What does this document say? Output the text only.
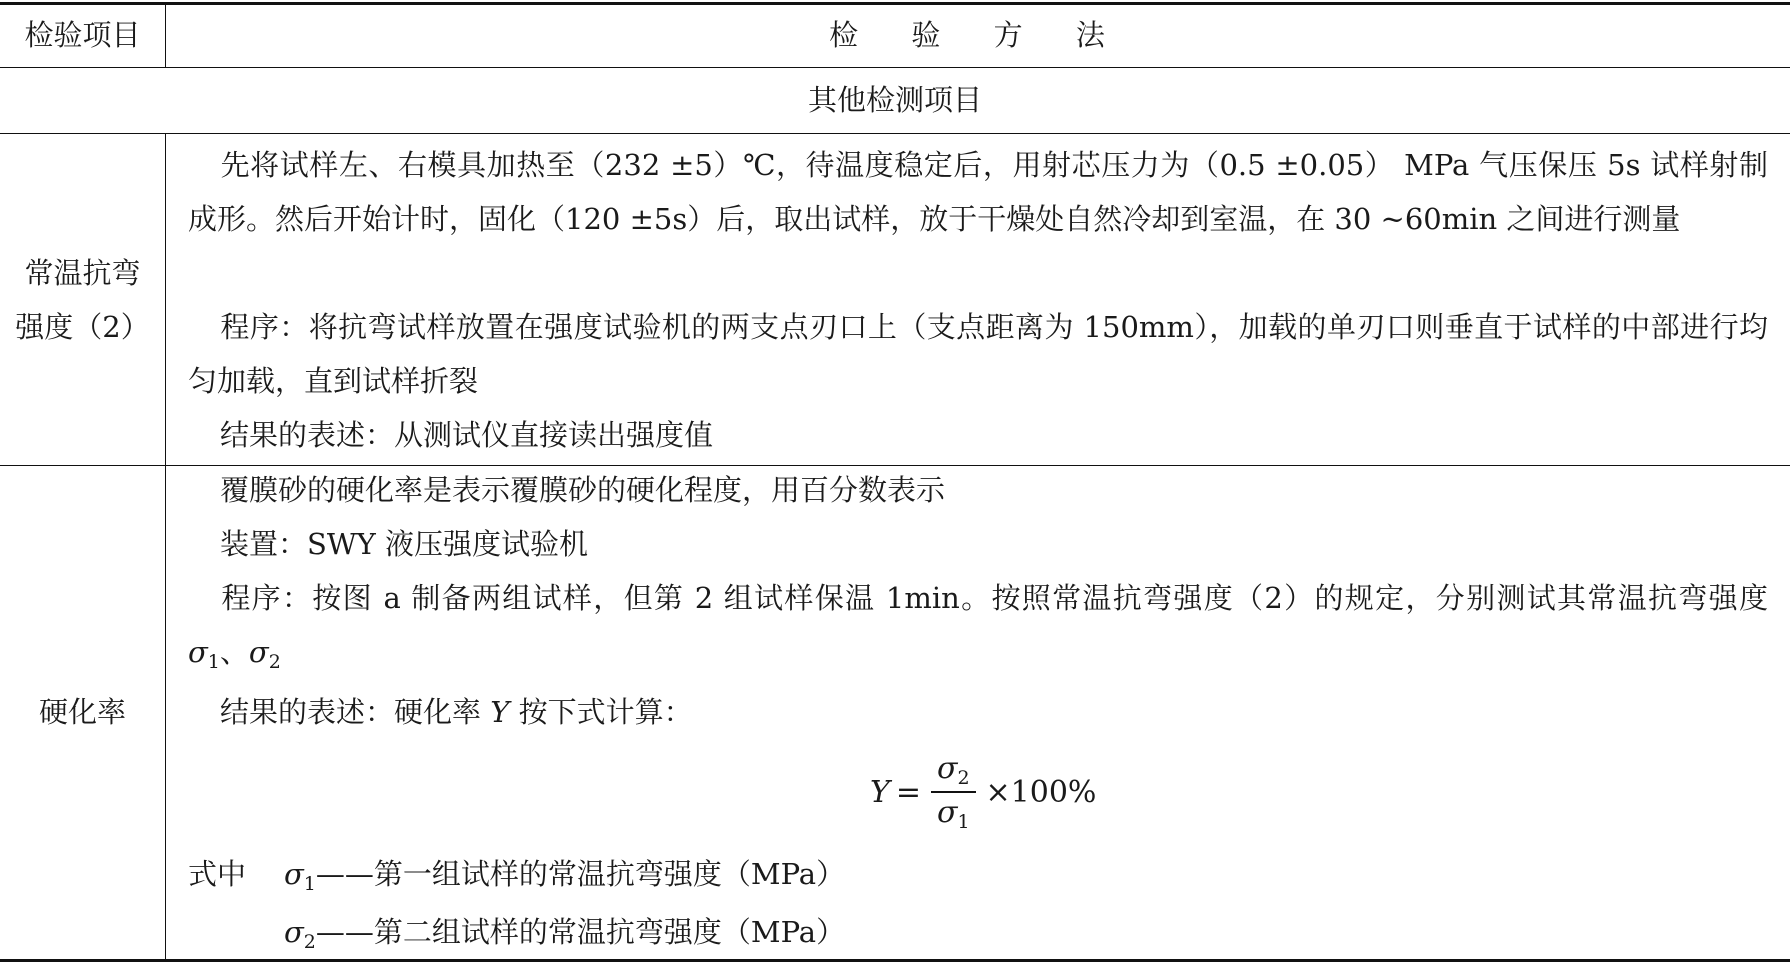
检验项目	检 验 方 法
其他检测项目
常温抗弯
强度（2）
先将试样左、右模具加热至（232 ±5）℃，待温度稳定后，用射芯压力为（0.5 ±0.05） MPa 气压保压 5s 试样射制成形。然后开始计时，固化（120 ±5s）后，取出试样，放于干燥处自然冷却到室温，在 30 ~60min 之间进行测量
程序：将抗弯试样放置在强度试验机的两支点刃口上（支点距离为 150mm），加载的单刃口则垂直于试样的中部进行均匀加载，直到试样折裂
结果的表述：从测试仪直接读出强度值
硬化率
覆膜砂的硬化率是表示覆膜砂的硬化程度，用百分数表示
装置：SWY 液压强度试验机
程序：按图 a 制备两组试样，但第 2 组试样保温 1min。按照常温抗弯强度（2）的规定，分别测试其常温抗弯强度 $\sigma_1$、$\sigma_2$
结果的表述：硬化率 Y 按下式计算：
$Y = \frac{\sigma_2}{\sigma_1} \times 100\%$
式中 $\sigma_1——$第一组试样的常温抗弯强度（MPa）
$\sigma_2——$第二组试样的常温抗弯强度（MPa）
